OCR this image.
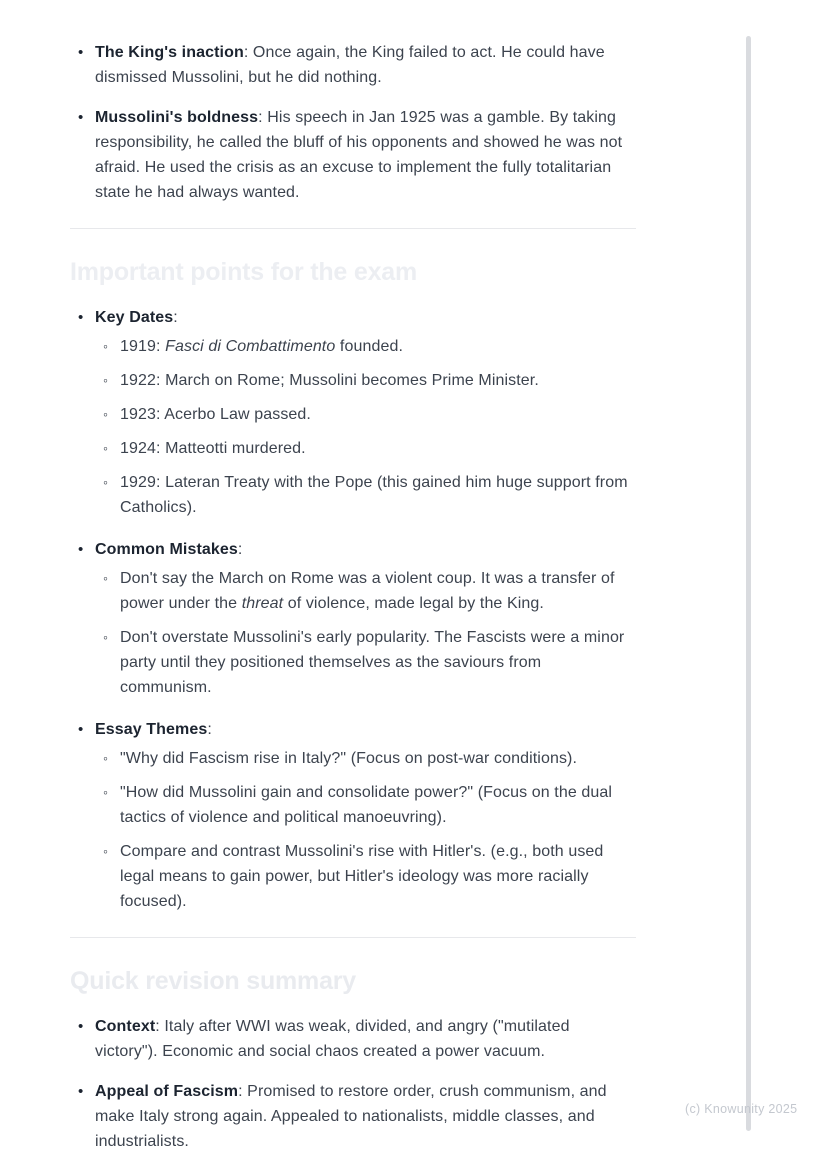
• The King's inaction: Once again, the King failed to act. He could have dismissed Mussolini, but he did nothing.
• Mussolini's boldness: His speech in Jan 1925 was a gamble. By taking responsibility, he called the bluff of his opponents and showed he was not afraid. He used the crisis as an excuse to implement the fully totalitarian state he had always wanted.
Important points for the exam
• Key Dates:
◦ 1919: Fasci di Combattimento founded.
◦ 1922: March on Rome; Mussolini becomes Prime Minister.
◦ 1923: Acerbo Law passed.
◦ 1924: Matteotti murdered.
◦ 1929: Lateran Treaty with the Pope (this gained him huge support from Catholics).
• Common Mistakes:
◦ Don't say the March on Rome was a violent coup. It was a transfer of power under the threat of violence, made legal by the King.
◦ Don't overstate Mussolini's early popularity. The Fascists were a minor party until they positioned themselves as the saviours from communism.
• Essay Themes:
◦ "Why did Fascism rise in Italy?" (Focus on post-war conditions).
◦ "How did Mussolini gain and consolidate power?" (Focus on the dual tactics of violence and political manoeuvring).
◦ Compare and contrast Mussolini's rise with Hitler's. (e.g., both used legal means to gain power, but Hitler's ideology was more racially focused).
Quick revision summary
• Context: Italy after WWI was weak, divided, and angry ("mutilated victory"). Economic and social chaos created a power vacuum.
• Appeal of Fascism: Promised to restore order, crush communism, and make Italy strong again. Appealed to nationalists, middle classes, and industrialists.
(c) Knowunity 2025
